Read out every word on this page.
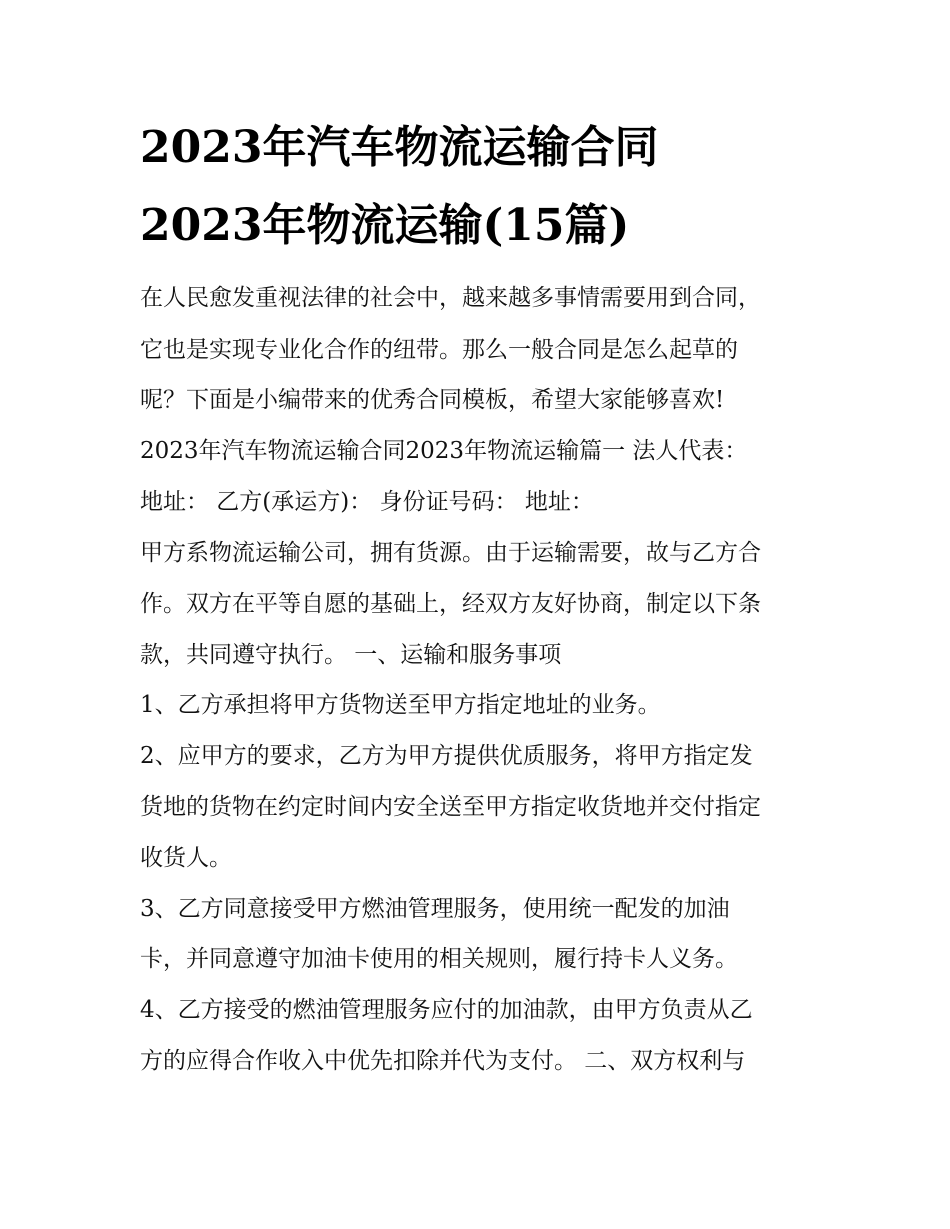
2023年汽车物流运输合同
2023年物流运输(15篇)
在人民愈发重视法律的社会中，越来越多事情需要用到合同，
它也是实现专业化合作的纽带。那么一般合同是怎么起草的
呢？下面是小编带来的优秀合同模板，希望大家能够喜欢!
2023年汽车物流运输合同2023年物流运输篇一 法人代表：
地址： 乙方(承运方)： 身份证号码： 地址：
甲方系物流运输公司，拥有货源。由于运输需要，故与乙方合
作。双方在平等自愿的基础上，经双方友好协商，制定以下条
款，共同遵守执行。 一、运输和服务事项
1、乙方承担将甲方货物送至甲方指定地址的业务。
2、应甲方的要求，乙方为甲方提供优质服务，将甲方指定发
货地的货物在约定时间内安全送至甲方指定收货地并交付指定
收货人。
3、乙方同意接受甲方燃油管理服务，使用统一配发的加油
卡，并同意遵守加油卡使用的相关规则，履行持卡人义务。
4、乙方接受的燃油管理服务应付的加油款，由甲方负责从乙
方的应得合作收入中优先扣除并代为支付。 二、双方权利与
